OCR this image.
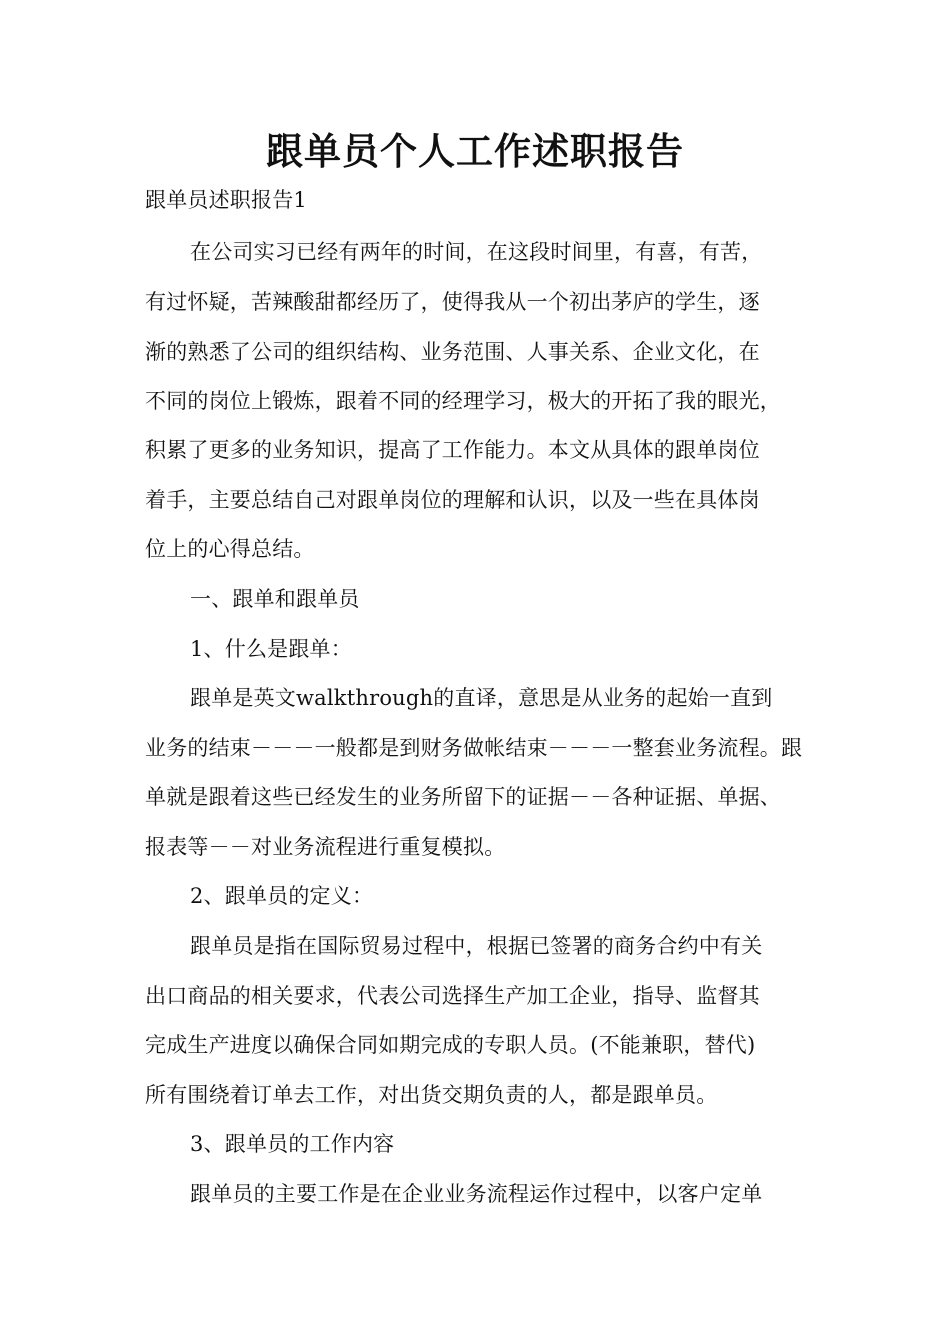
跟单员个人工作述职报告
跟单员述职报告1
在公司实习已经有两年的时间，在这段时间里，有喜，有苦，
有过怀疑，苦辣酸甜都经历了，使得我从一个初出茅庐的学生，逐
渐的熟悉了公司的组织结构、业务范围、人事关系、企业文化，在
不同的岗位上锻炼，跟着不同的经理学习，极大的开拓了我的眼光，
积累了更多的业务知识，提高了工作能力。本文从具体的跟单岗位
着手，主要总结自己对跟单岗位的理解和认识，以及一些在具体岗
位上的心得总结。
一、跟单和跟单员
1、什么是跟单：
跟单是英文walkthrough的直译，意思是从业务的起始一直到
业务的结束－－－一般都是到财务做帐结束－－－一整套业务流程。跟
单就是跟着这些已经发生的业务所留下的证据－－各种证据、单据、
报表等－－对业务流程进行重复模拟。
2、跟单员的定义：
跟单员是指在国际贸易过程中，根据已签署的商务合约中有关
出口商品的相关要求，代表公司选择生产加工企业，指导、监督其
完成生产进度以确保合同如期完成的专职人员。(不能兼职，替代)
所有围绕着订单去工作，对出货交期负责的人，都是跟单员。
3、跟单员的工作内容
跟单员的主要工作是在企业业务流程运作过程中，以客户定单
